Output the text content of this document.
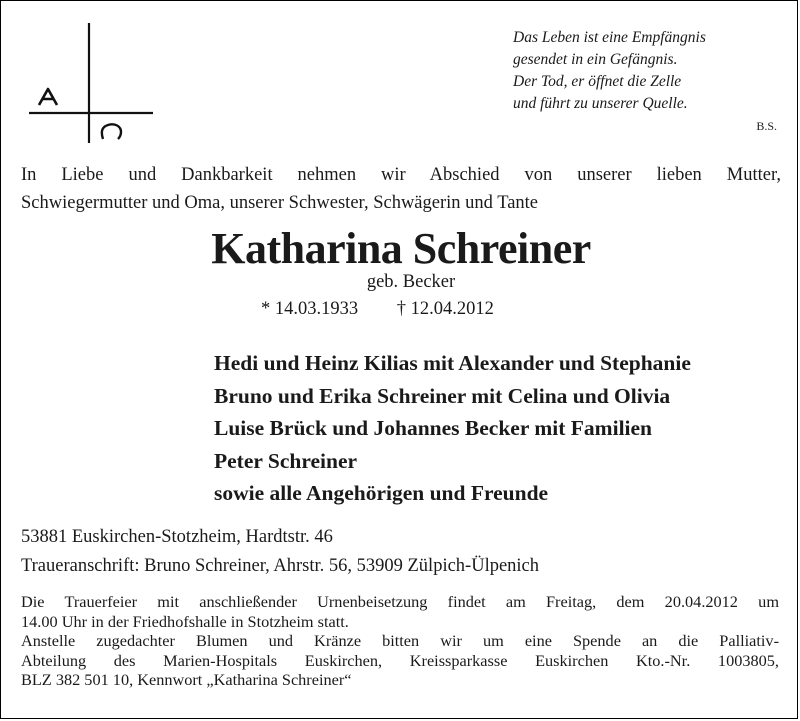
Das Leben ist eine Empfängnis
gesendet in ein Gefängnis.
Der Tod, er öffnet die Zelle
und führt zu unserer Quelle.
B.S.
In Liebe und Dankbarkeit nehmen wir Abschied von unserer lieben Mutter,
Schwiegermutter und Oma, unserer Schwester, Schwägerin und Tante
Katharina Schreiner
geb. Becker
* 14.03.1933 † 12.04.2012
Hedi und Heinz Kilias mit Alexander und Stephanie
Bruno und Erika Schreiner mit Celina und Olivia
Luise Brück und Johannes Becker mit Familien
Peter Schreiner
sowie alle Angehörigen und Freunde
53881 Euskirchen-Stotzheim, Hardtstr. 46
Traueranschrift: Bruno Schreiner, Ahrstr. 56, 53909 Zülpich-Ülpenich
Die Trauerfeier mit anschließender Urnenbeisetzung findet am Freitag, dem 20.04.2012 um
14.00 Uhr in der Friedhofshalle in Stotzheim statt.
Anstelle zugedachter Blumen und Kränze bitten wir um eine Spende an die Palliativ-
Abteilung des Marien-Hospitals Euskirchen, Kreissparkasse Euskirchen Kto.-Nr. 1003805,
BLZ 382 501 10, Kennwort „Katharina Schreiner“
